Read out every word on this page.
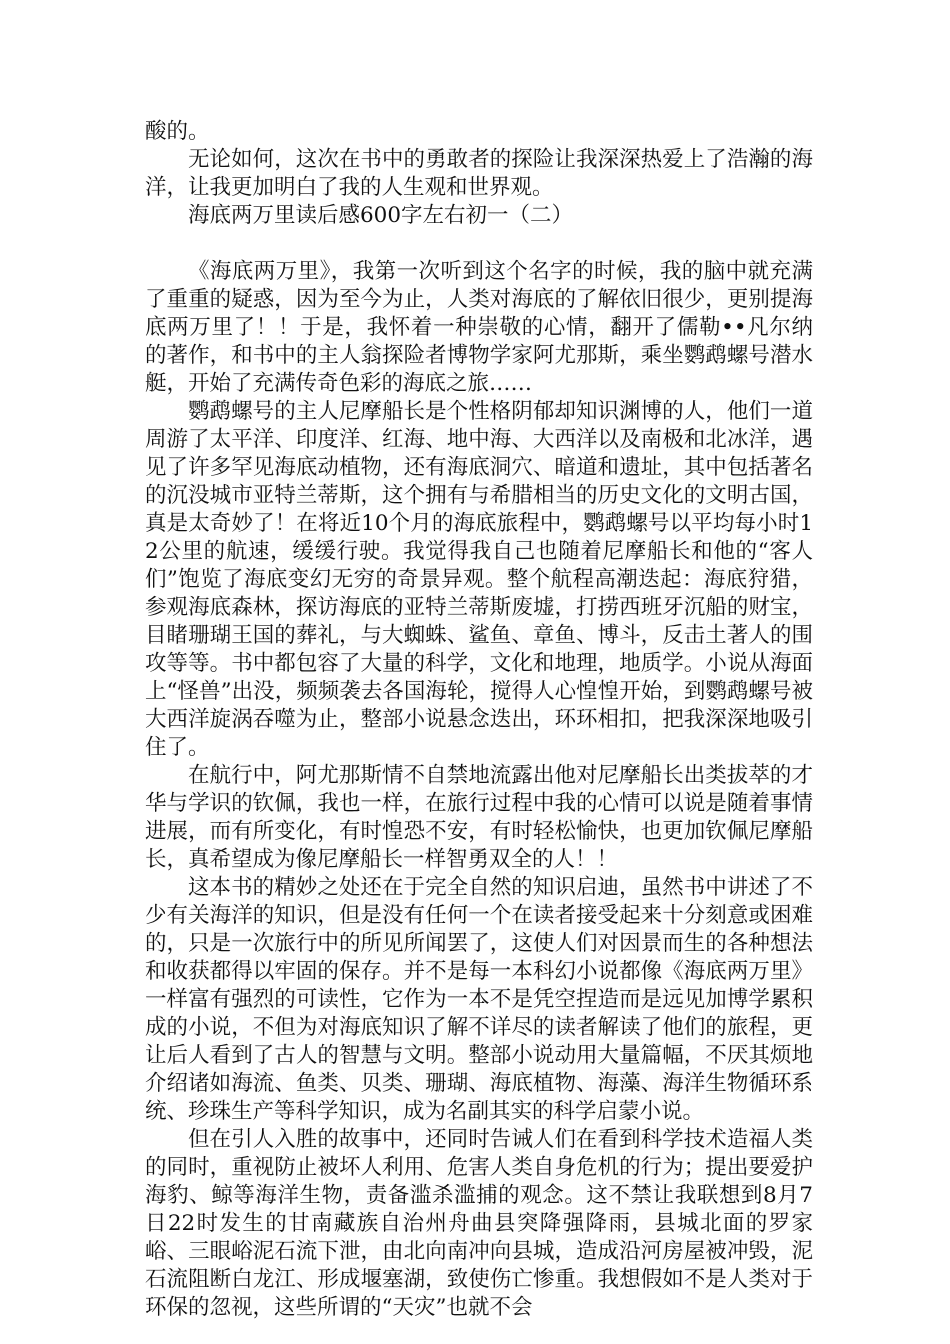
酸的。

无论如何，这次在书中的勇敢者的探险让我深深热爱上了浩瀚的海洋，让我更加明白了我的人生观和世界观。

海底两万里读后感600字左右初一（二）

《海底两万里》，我第一次听到这个名字的时候，我的脑中就充满了重重的疑惑，因为至今为止，人类对海底的了解依旧很少，更别提海底两万里了！！于是，我怀着一种崇敬的心情，翻开了儒勒••凡尔纳的著作，和书中的主人翁探险者博物学家阿尤那斯，乘坐鹦鹉螺号潜水艇，开始了充满传奇色彩的海底之旅……

鹦鹉螺号的主人尼摩船长是个性格阴郁却知识渊博的人，他们一道周游了太平洋、印度洋、红海、地中海、大西洋以及南极和北冰洋，遇见了许多罕见海底动植物，还有海底洞穴、暗道和遗址，其中包括著名的沉没城市亚特兰蒂斯，这个拥有与希腊相当的历史文化的文明古国，真是太奇妙了！在将近10个月的海底旅程中，鹦鹉螺号以平均每小时12公里的航速，缓缓行驶。我觉得我自己也随着尼摩船长和他的“客人们”饱览了海底变幻无穷的奇景异观。整个航程高潮迭起：海底狩猎，参观海底森林，探访海底的亚特兰蒂斯废墟，打捞西班牙沉船的财宝，目睹珊瑚王国的葬礼，与大蜘蛛、鲨鱼、章鱼、博斗，反击土著人的围攻等等。书中都包容了大量的科学，文化和地理，地质学。小说从海面上“怪兽”出没，频频袭去各国海轮，搅得人心惶惶开始，到鹦鹉螺号被大西洋旋涡吞噬为止，整部小说悬念迭出，环环相扣，把我深深地吸引住了。

在航行中，阿尤那斯情不自禁地流露出他对尼摩船长出类拔萃的才华与学识的钦佩，我也一样，在旅行过程中我的心情可以说是随着事情进展，而有所变化，有时惶恐不安，有时轻松愉快，也更加钦佩尼摩船长，真希望成为像尼摩船长一样智勇双全的人！！

这本书的精妙之处还在于完全自然的知识启迪，虽然书中讲述了不少有关海洋的知识，但是没有任何一个在读者接受起来十分刻意或困难的，只是一次旅行中的所见所闻罢了，这使人们对因景而生的各种想法和收获都得以牢固的保存。并不是每一本科幻小说都像《海底两万里》一样富有强烈的可读性，它作为一本不是凭空捏造而是远见加博学累积成的小说，不但为对海底知识了解不详尽的读者解读了他们的旅程，更让后人看到了古人的智慧与文明。整部小说动用大量篇幅，不厌其烦地介绍诸如海流、鱼类、贝类、珊瑚、海底植物、海藻、海洋生物循环系统、珍珠生产等科学知识，成为名副其实的科学启蒙小说。

但在引人入胜的故事中，还同时告诫人们在看到科学技术造福人类的同时，重视防止被坏人利用、危害人类自身危机的行为；提出要爱护海豹、鲸等海洋生物，责备滥杀滥捕的观念。这不禁让我联想到8月7日22时发生的甘南藏族自治州舟曲县突降强降雨，县城北面的罗家峪、三眼峪泥石流下泄，由北向南冲向县城，造成沿河房屋被冲毁，泥石流阻断白龙江、形成堰塞湖，致使伤亡惨重。我想假如不是人类对于环保的忽视，这些所谓的“天灾”也就不会
